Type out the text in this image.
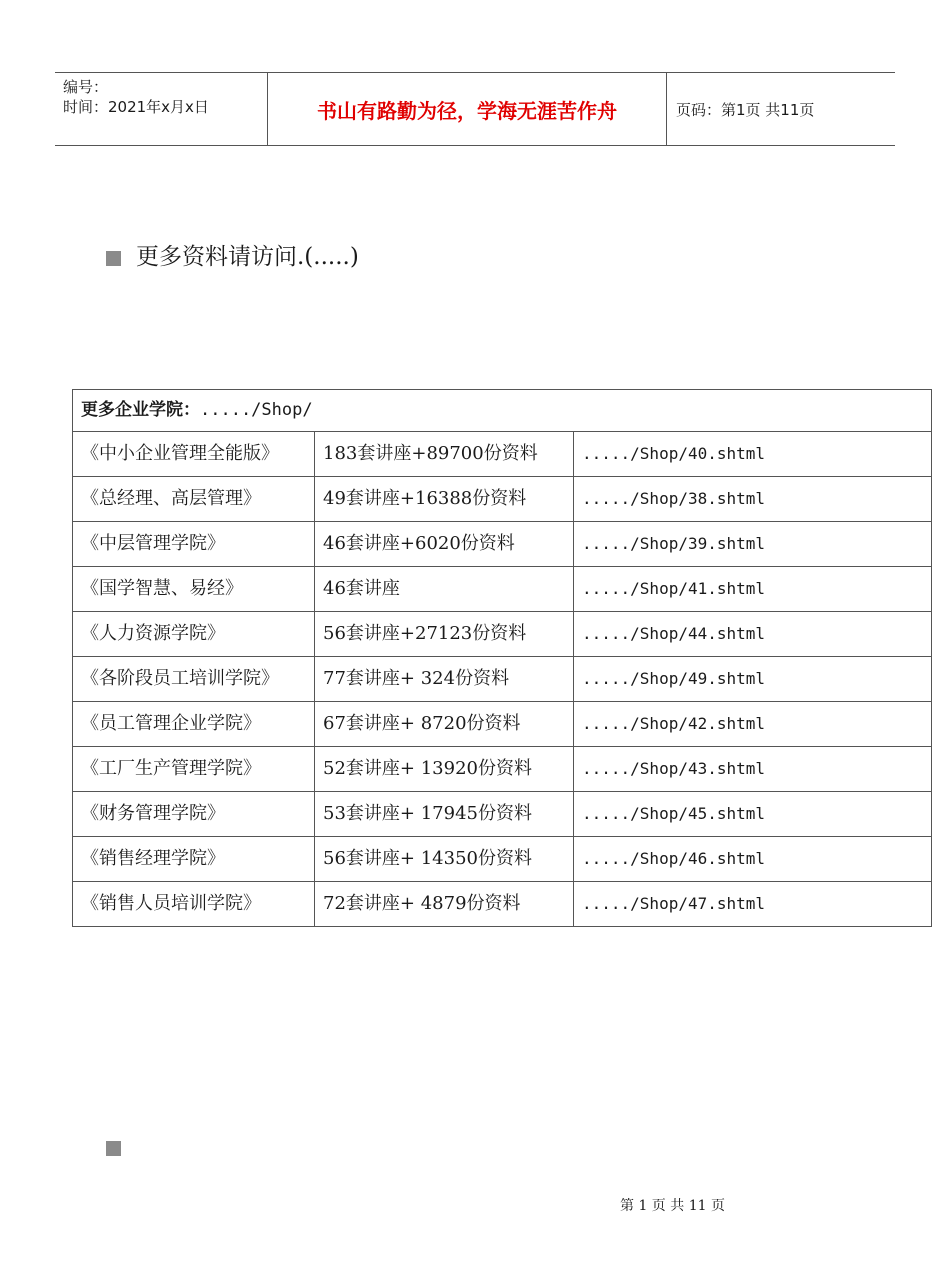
编号：
时间：2021年x月x日	书山有路勤为径，学海无涯苦作舟	页码：第1页 共11页
更多资料请访问.(.....)
更多企业学院：...../Shop/		
《中小企业管理全能版》	183套讲座+89700份资料	...../Shop/40.shtml
《总经理、高层管理》	49套讲座+16388份资料	...../Shop/38.shtml
《中层管理学院》	46套讲座+6020份资料	...../Shop/39.shtml
《国学智慧、易经》	46套讲座	...../Shop/41.shtml
《人力资源学院》	56套讲座+27123份资料	...../Shop/44.shtml
《各阶段员工培训学院》	77套讲座+ 324份资料	...../Shop/49.shtml
《员工管理企业学院》	67套讲座+ 8720份资料	...../Shop/42.shtml
《工厂生产管理学院》	52套讲座+ 13920份资料	...../Shop/43.shtml
《财务管理学院》	53套讲座+ 17945份资料	...../Shop/45.shtml
《销售经理学院》	56套讲座+ 14350份资料	...../Shop/46.shtml
《销售人员培训学院》	72套讲座+ 4879份资料	...../Shop/47.shtml
第 1 页 共 11 页
